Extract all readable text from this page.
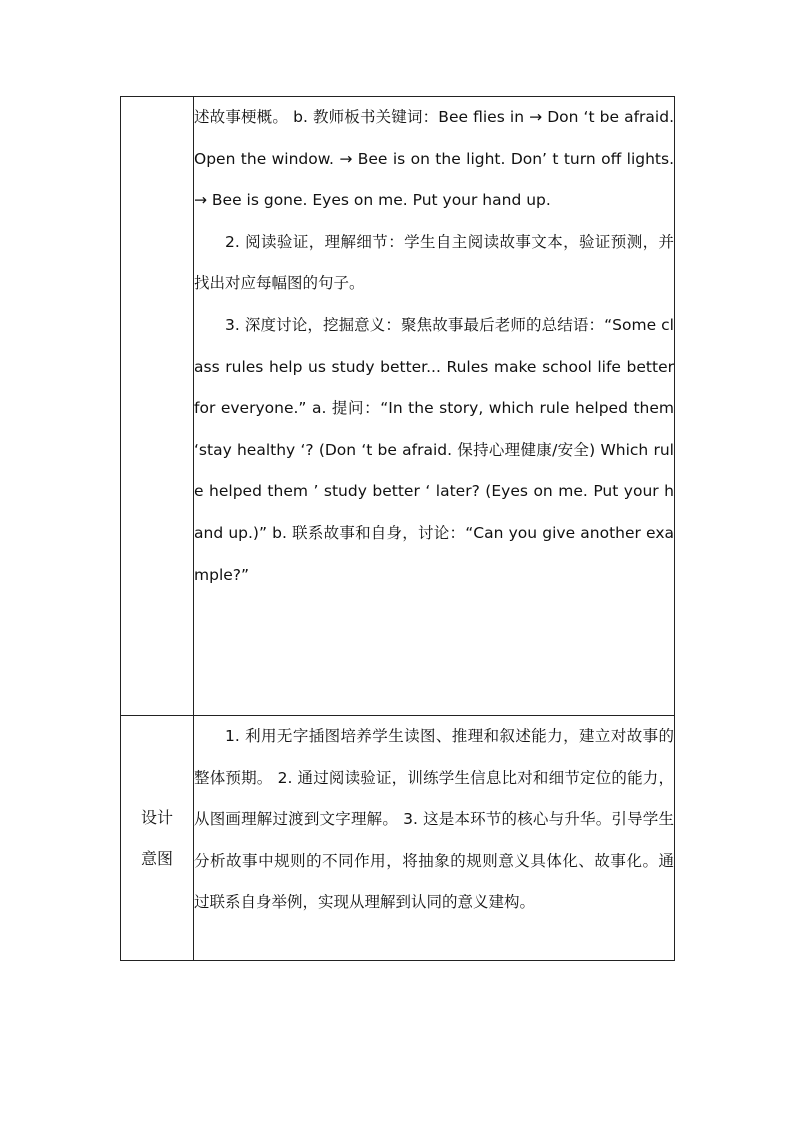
	述故事梗概。 b. 教师板书关键词：Bee flies in → Don ‘t be afraid. Open the window. → Bee is on the light. Don’ t turn off lights. → Bee is gone. Eyes on me. Put your hand up.

2. 阅读验证，理解细节：学生自主阅读故事文本，验证预测，并找出对应每幅图的句子。

3. 深度讨论，挖掘意义：聚焦故事最后老师的总结语：“Some class rules help us study better... Rules make school life better for everyone.” a. 提问：“In the story, which rule helped them ‘stay healthy ‘? (Don ‘t be afraid. 保持心理健康/安全) Which rule helped them ’ study better ‘ later? (Eyes on me. Put your hand up.)” b. 联系故事和自身，讨论：“Can you give another example?”

设计意图	1. 利用无字插图培养学生读图、推理和叙述能力，建立对故事的整体预期。 2. 通过阅读验证，训练学生信息比对和细节定位的能力，从图画理解过渡到文字理解。 3. 这是本环节的核心与升华。引导学生分析故事中规则的不同作用，将抽象的规则意义具体化、故事化。通过联系自身举例，实现从理解到认同的意义建构。
